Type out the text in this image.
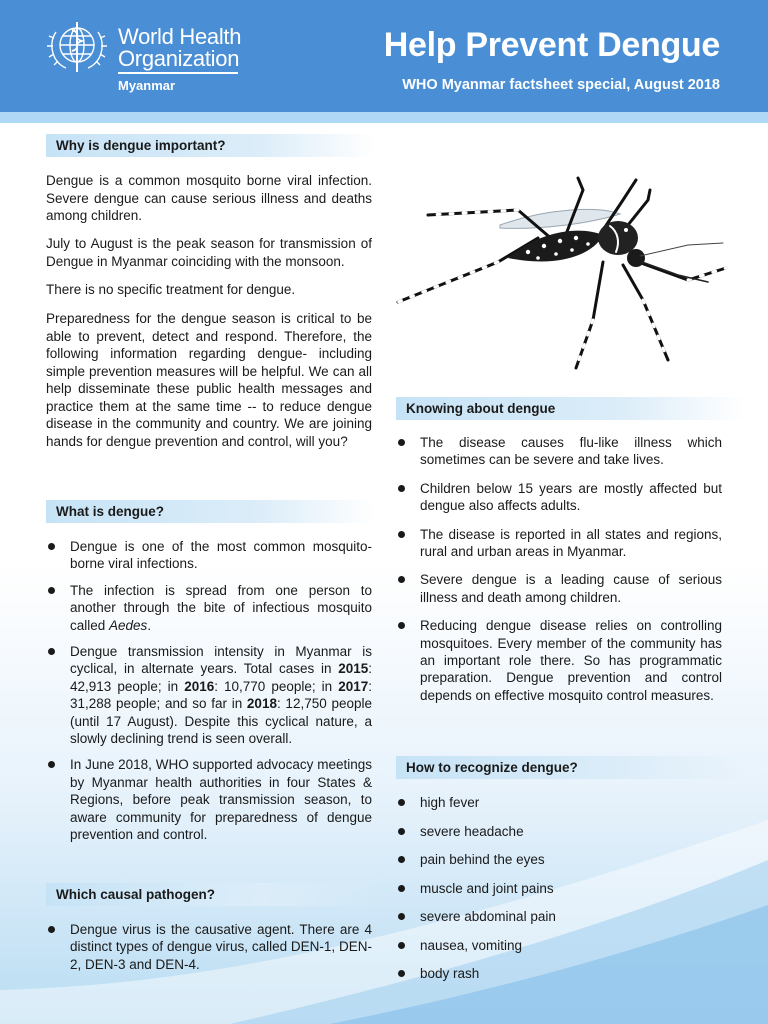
World Health
Organization
Myanmar
Help Prevent Dengue
WHO Myanmar factsheet special, August 2018
Why is dengue important?

Dengue is a common mosquito borne viral infection. Severe dengue can cause serious illness and deaths among children.

July to August is the peak season for transmission of Dengue in Myanmar coinciding with the monsoon.

There is no specific treatment for dengue.

Preparedness for the dengue season is critical to be able to prevent, detect and respond. Therefore, the following information regarding dengue- including simple prevention measures will be helpful. We can all help disseminate these public health messages and practice them at the same time -- to reduce dengue disease in the community and country. We are joining hands for dengue prevention and control, will you?

What is dengue?
Dengue is one of the most common mosquito-borne viral infections.
The infection is spread from one person to another through the bite of infectious mosquito called Aedes.
Dengue transmission intensity in Myanmar is cyclical, in alternate years. Total cases in 2015: 42,913 people; in 2016: 10,770 people; in 2017: 31,288 people; and so far in 2018: 12,750 people (until 17 August). Despite this cyclical nature, a slowly declining trend is seen overall.
In June 2018, WHO supported advocacy meetings by Myanmar health authorities in four States & Regions, before peak transmission season, to aware community for preparedness of dengue prevention and control.
Which causal pathogen?
Dengue virus is the causative agent. There are 4 distinct types of dengue virus, called DEN-1, DEN-2, DEN-3 and DEN-4.
Knowing about dengue
The disease causes flu-like illness which sometimes can be severe and take lives.
Children below 15 years are mostly affected but dengue also affects adults.
The disease is reported in all states and regions, rural and urban areas in Myanmar.
Severe dengue is a leading cause of serious illness and death among children.
Reducing dengue disease relies on controlling mosquitoes. Every member of the community has an important role there. So has programmatic preparation. Dengue prevention and control depends on effective mosquito control measures.
How to recognize dengue?
high fever
severe headache
pain behind the eyes
muscle and joint pains
severe abdominal pain
nausea, vomiting
body rash
